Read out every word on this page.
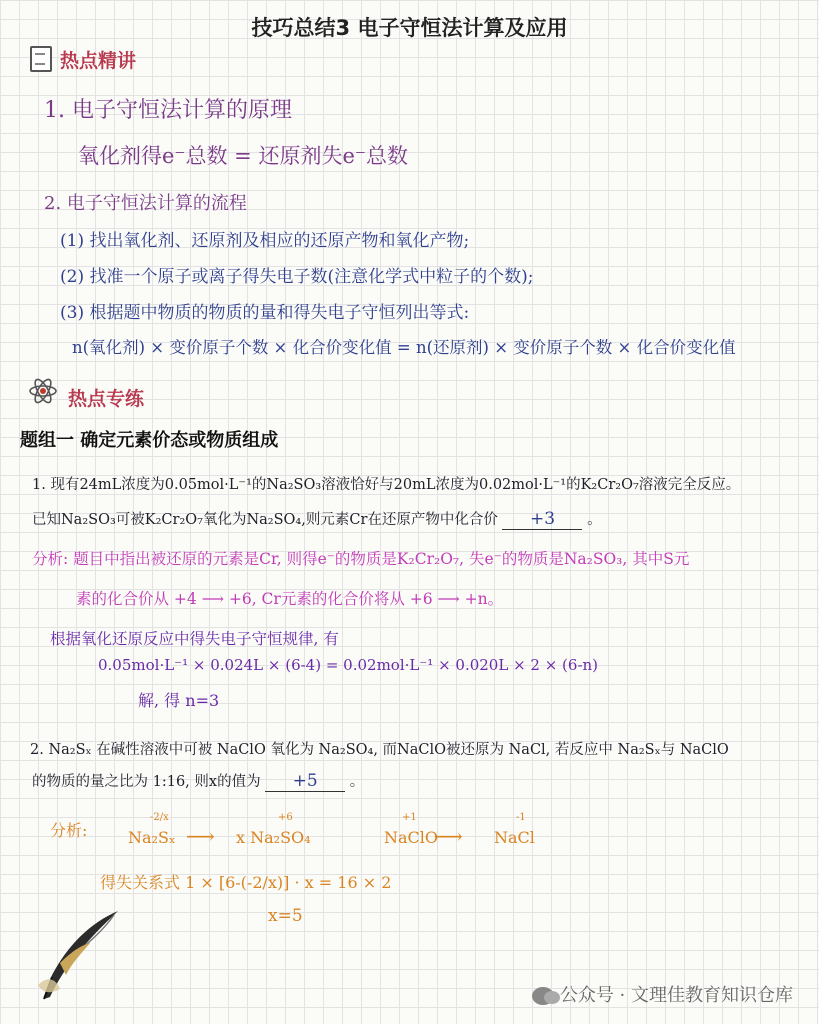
技巧总结3 电子守恒法计算及应用
热点精讲
1. 电子守恒法计算的原理
氧化剂得e⁻总数 = 还原剂失e⁻总数
2. 电子守恒法计算的流程
(1) 找出氧化剂、还原剂及相应的还原产物和氧化产物;
(2) 找准一个原子或离子得失电子数(注意化学式中粒子的个数);
(3) 根据题中物质的物质的量和得失电子守恒列出等式:
n(氧化剂) × 变价原子个数 × 化合价变化值 = n(还原剂) × 变价原子个数 × 化合价变化值
热点专练
题组一 确定元素价态或物质组成
1. 现有24mL浓度为0.05mol·L⁻¹的Na₂SO₃溶液恰好与20mL浓度为0.02mol·L⁻¹的K₂Cr₂O₇溶液完全反应。
已知Na₂SO₃可被K₂Cr₂O₇氧化为Na₂SO₄,则元素Cr在还原产物中化合价 +3 。
分析: 题目中指出被还原的元素是Cr, 则得e⁻的物质是K₂Cr₂O₇, 失e⁻的物质是Na₂SO₃, 其中S元
素的化合价从 +4 ⟶ +6, Cr元素的化合价将从 +6 ⟶ +n。
根据氧化还原反应中得失电子守恒规律, 有
0.05mol·L⁻¹ × 0.024L × (6-4) = 0.02mol·L⁻¹ × 0.020L × 2 × (6-n)
解, 得 n=3
2. Na₂Sₓ 在碱性溶液中可被 NaClO 氧化为 Na₂SO₄, 而NaClO被还原为 NaCl, 若反应中 Na₂Sₓ与 NaClO
的物质的量之比为 1:16, 则x的值为 +5 。
分析:
-2/x
Na₂Sₓ ⟶
+6
x Na₂SO₄
+1
NaClO
⟶
-1
NaCl
得失关系式 1 × [6-(-2/x)] · x = 16 × 2
x=5
公众号 · 文理佳教育知识仓库
